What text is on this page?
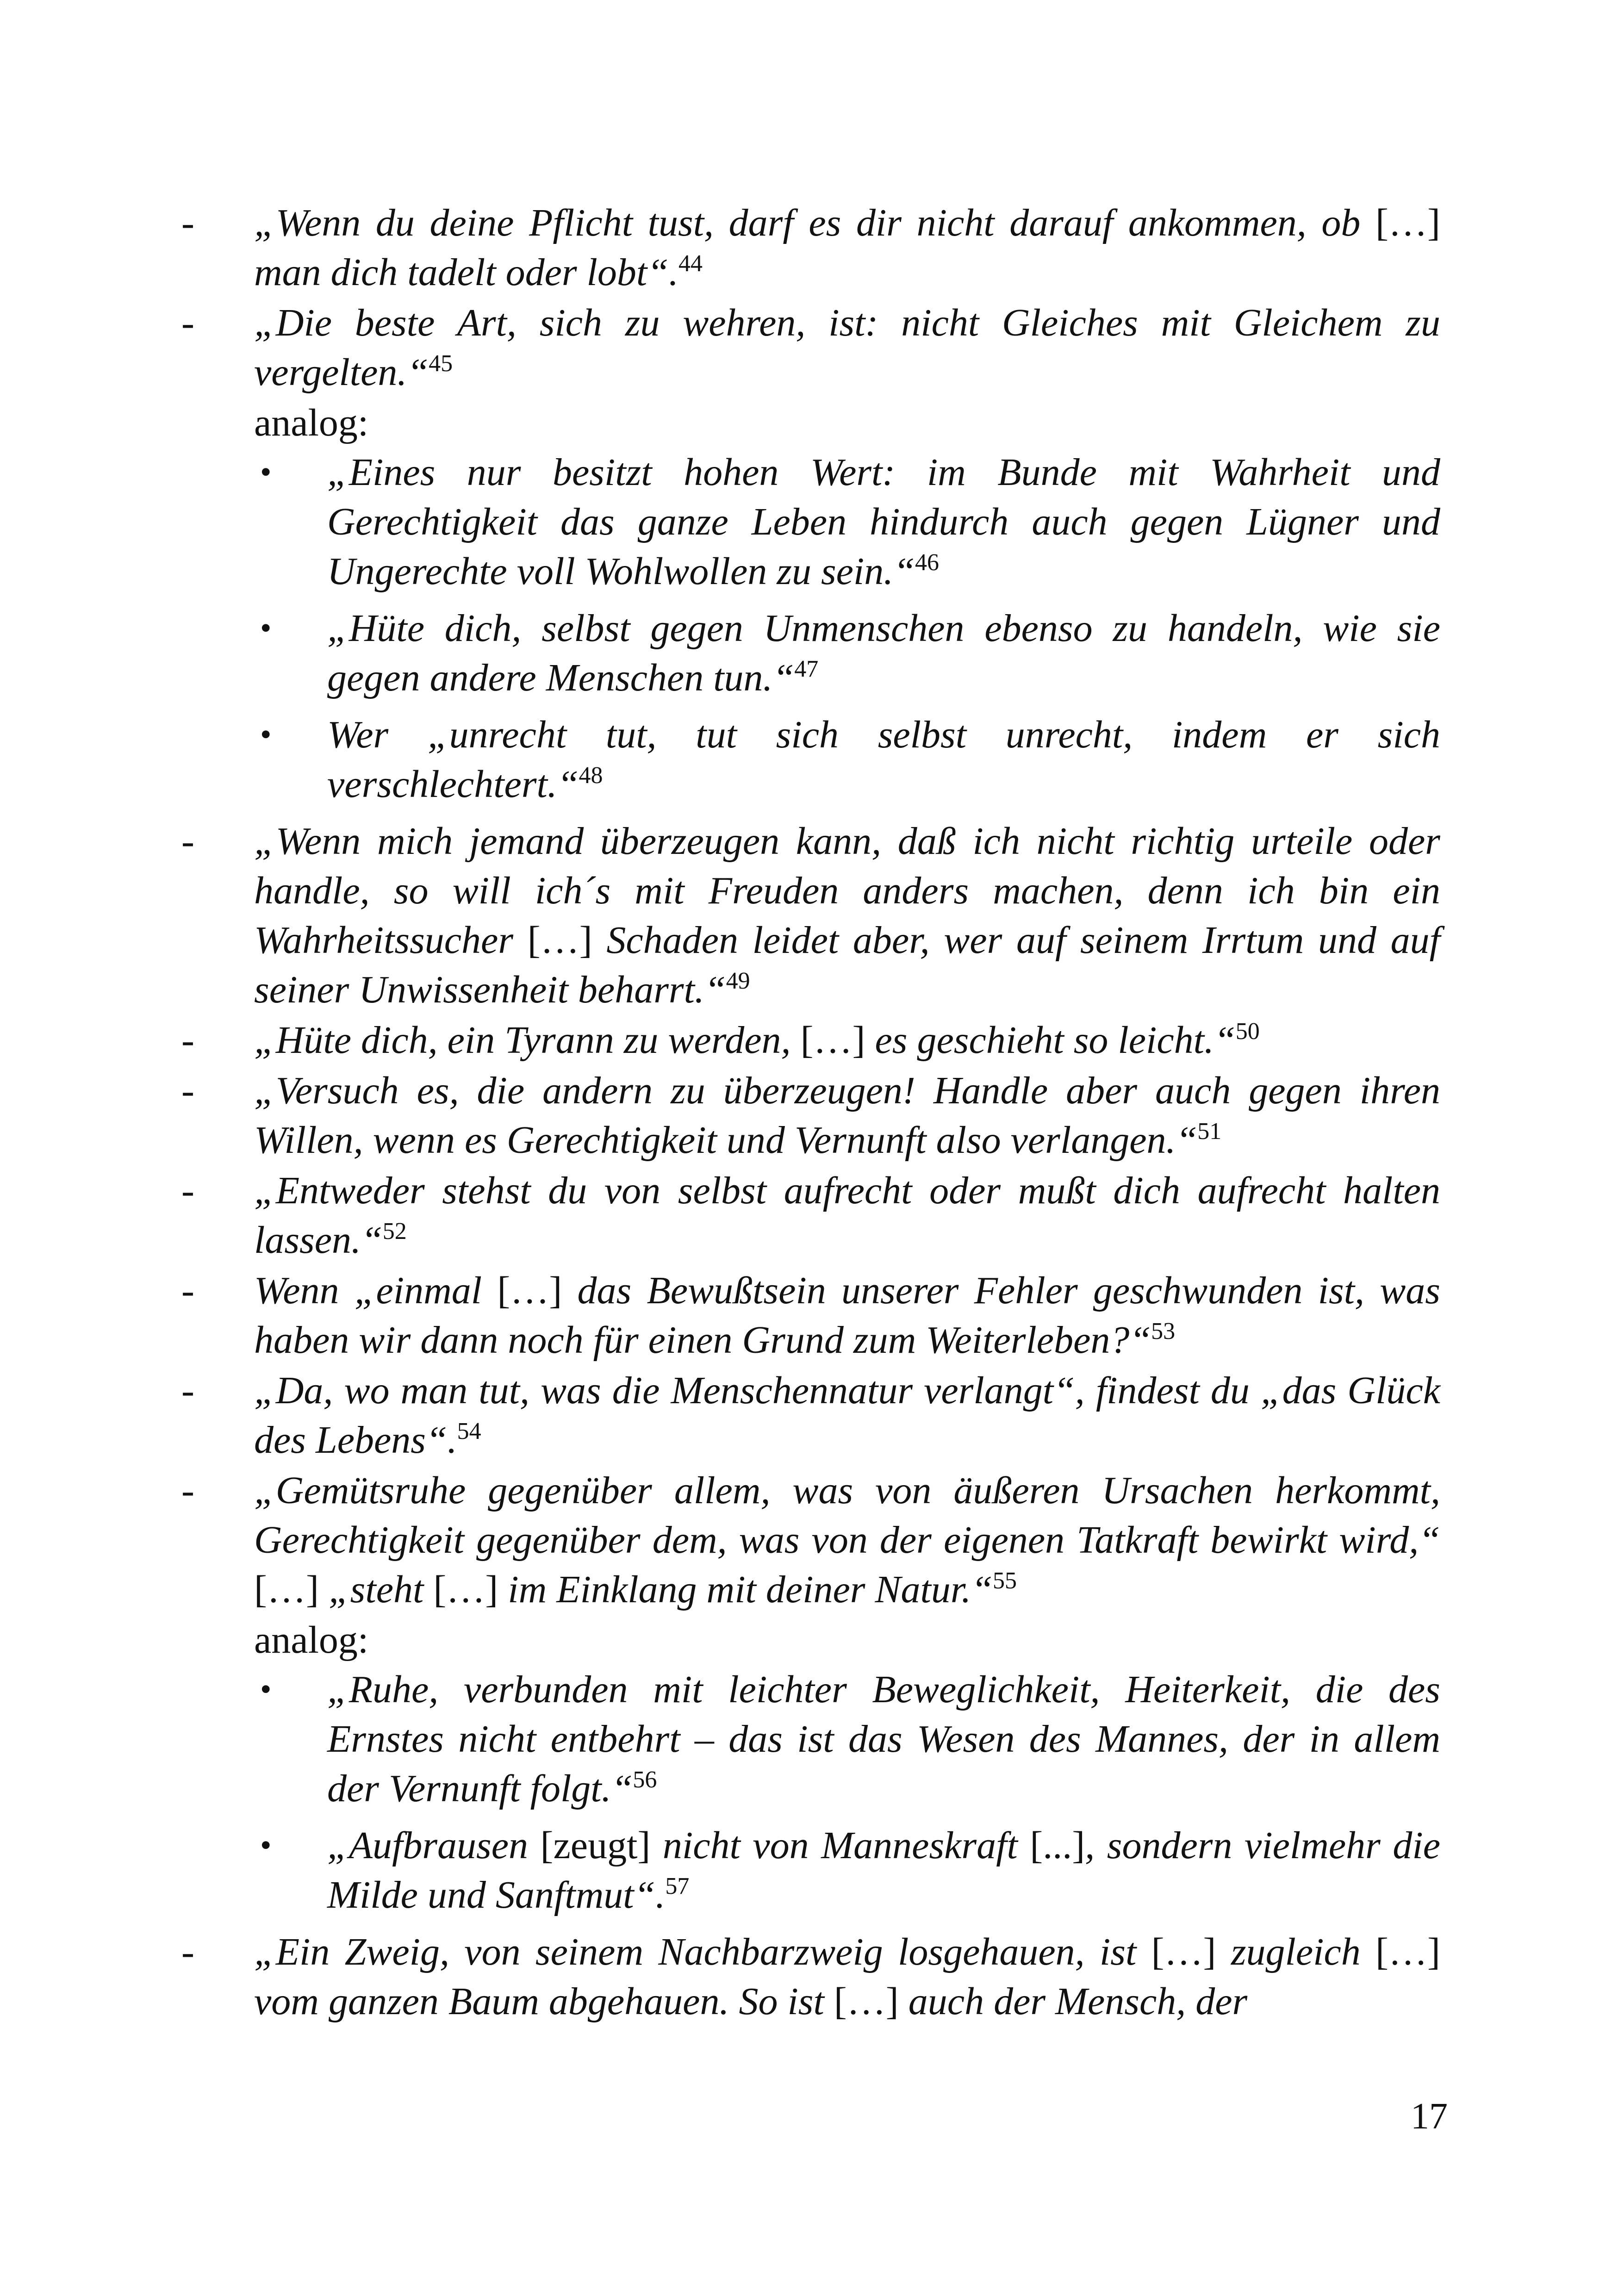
-	„Wenn du deine Pflicht tust, darf es dir nicht darauf ankommen, ob […] man dich tadelt oder lobt“.$^{44}$

-	„Die beste Art, sich zu wehren, ist: nicht Gleiches mit Gleichem zu vergelten.“$^{45}$

analog:

• „Eines nur besitzt hohen Wert: im Bunde mit Wahrheit und Gerechtigkeit das ganze Leben hindurch auch gegen Lügner und Ungerechte voll Wohlwollen zu sein.“$^{46}$

• „Hüte dich, selbst gegen Unmenschen ebenso zu handeln, wie sie gegen andere Menschen tun.“$^{47}$

• Wer „unrecht tut, tut sich selbst unrecht, indem er sich verschlechtert.“$^{48}$

-	„Wenn mich jemand überzeugen kann, daß ich nicht richtig urteile oder handle, so will ich´s mit Freuden anders machen, denn ich bin ein Wahrheitssucher […] Schaden leidet aber, wer auf seinem Irrtum und auf seiner Unwissenheit beharrt.“$^{49}$

-	„Hüte dich, ein Tyrann zu werden, […] es geschieht so leicht.“$^{50}$

-	„Versuch es, die andern zu überzeugen! Handle aber auch gegen ihren Willen, wenn es Gerechtigkeit und Vernunft also verlangen.“$^{51}$

-	„Entweder stehst du von selbst aufrecht oder mußt dich aufrecht halten lassen.“$^{52}$

-	Wenn „einmal […] das Bewußtsein unserer Fehler geschwunden ist, was haben wir dann noch für einen Grund zum Weiterleben?“$^{53}$

-	„Da, wo man tut, was die Menschennatur verlangt“, findest du „das Glück des Lebens“.$^{54}$

-	„Gemütsruhe gegenüber allem, was von äußeren Ursachen herkommt, Gerechtigkeit gegenüber dem, was von der eigenen Tatkraft bewirkt wird,“ […] „steht […] im Einklang mit deiner Natur.“$^{55}$

analog:

• „Ruhe, verbunden mit leichter Beweglichkeit, Heiterkeit, die des Ernstes nicht entbehrt – das ist das Wesen des Mannes, der in allem der Vernunft folgt.“$^{56}$

• „Aufbrausen [zeugt] nicht von Manneskraft [...], sondern vielmehr die Milde und Sanftmut“.$^{57}$

-	„Ein Zweig, von seinem Nachbarzweig losgehauen, ist […] zugleich […] vom ganzen Baum abgehauen. So ist […] auch der Mensch, der

17
